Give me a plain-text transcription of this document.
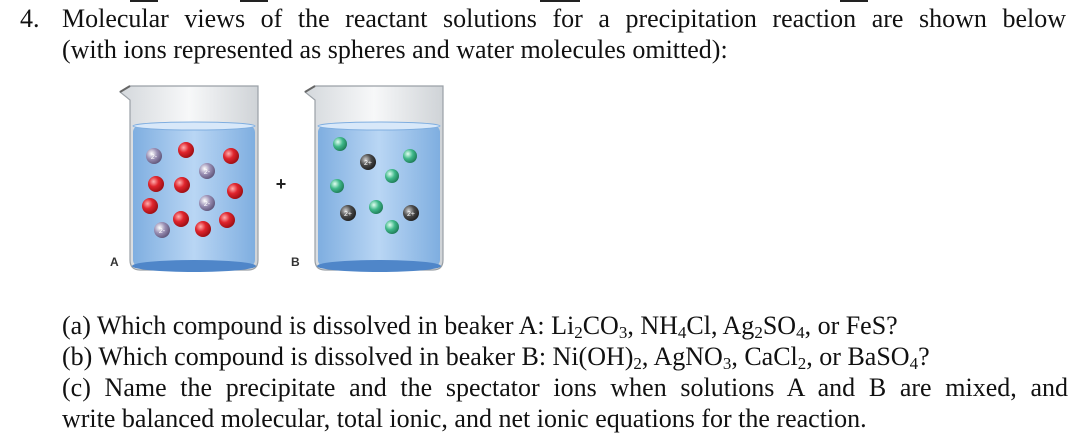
4. Molecular views of the reactant solutions for a precipitation reaction are shown below
(with ions represented as spheres and water molecules omitted):
2-
2-
2-
2-
A
+
2+
2+	2+
B
(a) Which compound is dissolved in beaker A: $Li_2CO_3$, $NH_4Cl$, $Ag_2SO_4$, or FeS?
(b) Which compound is dissolved in beaker B: $Ni(OH)_2$, AgNO$_3$, CaCl$_2$, or BaSO$_4$?
(c) Name the precipitate and the spectator ions when solutions A and B are mixed, and
write balanced molecular, total ionic, and net ionic equations for the reaction.
